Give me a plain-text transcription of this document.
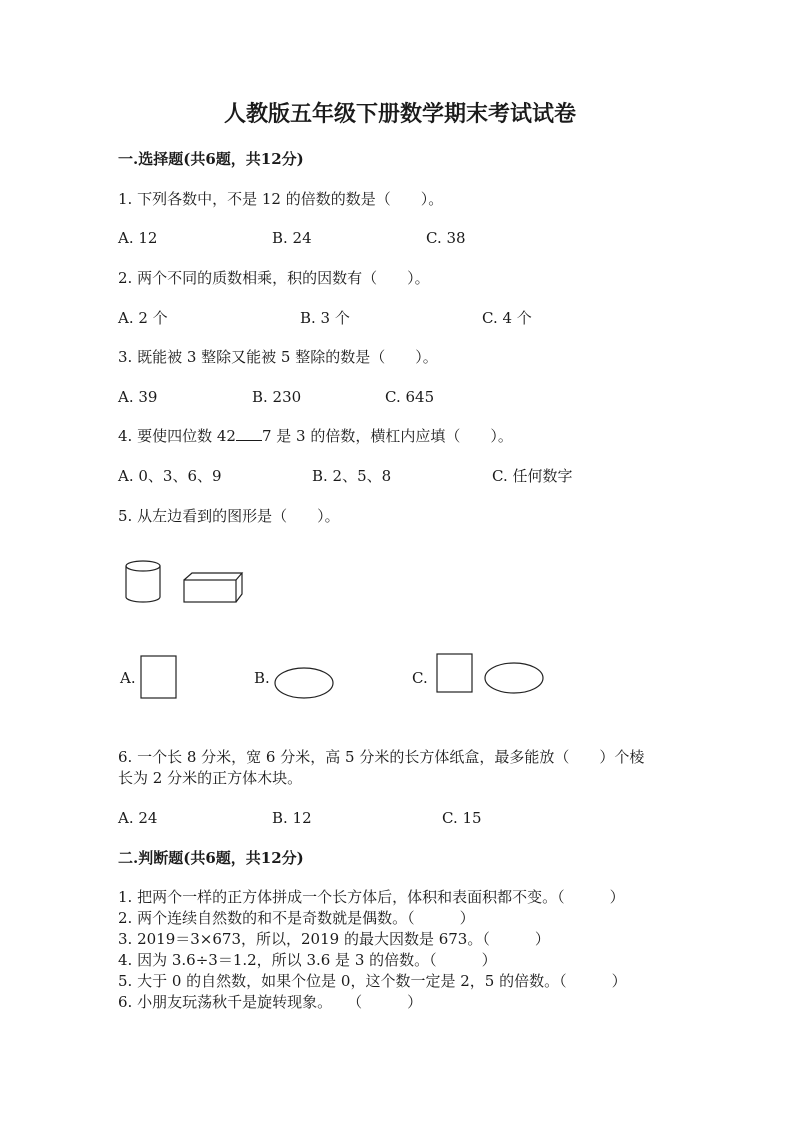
人教版五年级下册数学期末考试试卷
一.选择题(共6题，共12分)
1. 下列各数中，不是 12 的倍数的数是（　　）。
A. 12	B. 24	C. 38
2. 两个不同的质数相乘，积的因数有（　　）。
A. 2 个	B. 3 个	C. 4 个
3. 既能被 3 整除又能被 5 整除的数是（　　）。
A. 39	B. 230	C. 645
4. 要使四位数 42 7 是 3 的倍数，横杠内应填（　　）。
A. 0、3、6、9	B. 2、5、8	C. 任何数字
5. 从左边看到的图形是（　　）。
A.	B.	C.
6. 一个长 8 分米，宽 6 分米，高 5 分米的长方体纸盒，最多能放（　　）个棱
长为 2 分米的正方体木块。
A. 24	B. 12	C. 15
二.判断题(共6题，共12分)
1. 把两个一样的正方体拼成一个长方体后，体积和表面积都不变。（　　　）
2. 两个连续自然数的和不是奇数就是偶数。（　　　）
3. 2019＝3×673，所以，2019 的最大因数是 673。（　　　）
4. 因为 3.6÷3＝1.2，所以 3.6 是 3 的倍数。（　　　）
5. 大于 0 的自然数，如果个位是 0，这个数一定是 2，5 的倍数。（　　　）
6. 小朋友玩荡秋千是旋转现象。　　（　　　）
